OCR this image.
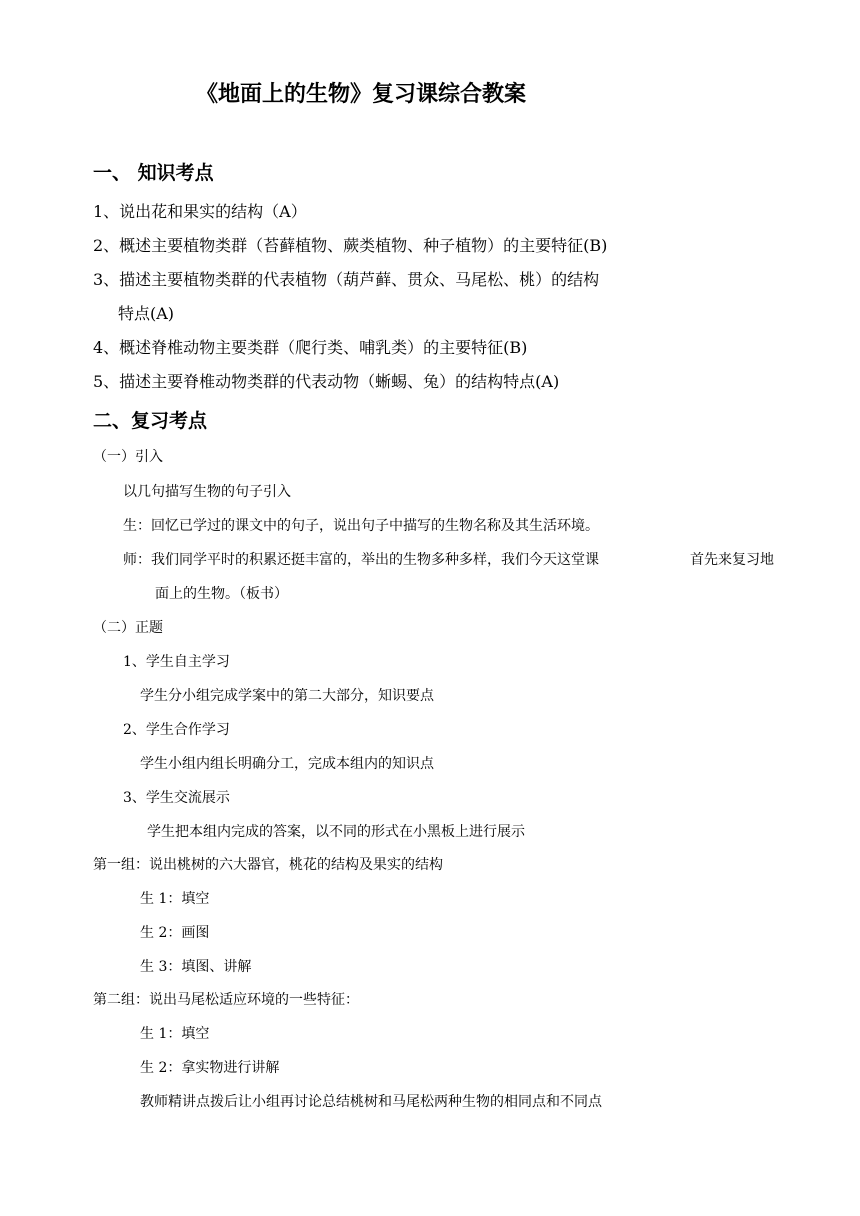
《地面上的生物》复习课综合教案
一、 知识考点
1、说出花和果实的结构（A）
2、概述主要植物类群（苔藓植物、蕨类植物、种子植物）的主要特征(B)
3、描述主要植物类群的代表植物（葫芦藓、贯众、马尾松、桃）的结构
特点(A)
4、概述脊椎动物主要类群（爬行类、哺乳类）的主要特征(B)
5、描述主要脊椎动物类群的代表动物（蜥蜴、兔）的结构特点(A)
二、复习考点
（一）引入
以几句描写生物的句子引入
生：回忆已学过的课文中的句子，说出句子中描写的生物名称及其生活环境。
师：我们同学平时的积累还挺丰富的，举出的生物多种多样，我们今天这堂课	首先来复习地
面上的生物。（板书）
（二）正题
1、学生自主学习
学生分小组完成学案中的第二大部分，知识要点
2、学生合作学习
学生小组内组长明确分工，完成本组内的知识点
3、学生交流展示
学生把本组内完成的答案，以不同的形式在小黑板上进行展示
第一组：说出桃树的六大器官，桃花的结构及果实的结构
生 1：填空
生 2：画图
生 3：填图、讲解
第二组：说出马尾松适应环境的一些特征：
生 1：填空
生 2：拿实物进行讲解
教师精讲点拨后让小组再讨论总结桃树和马尾松两种生物的相同点和不同点
